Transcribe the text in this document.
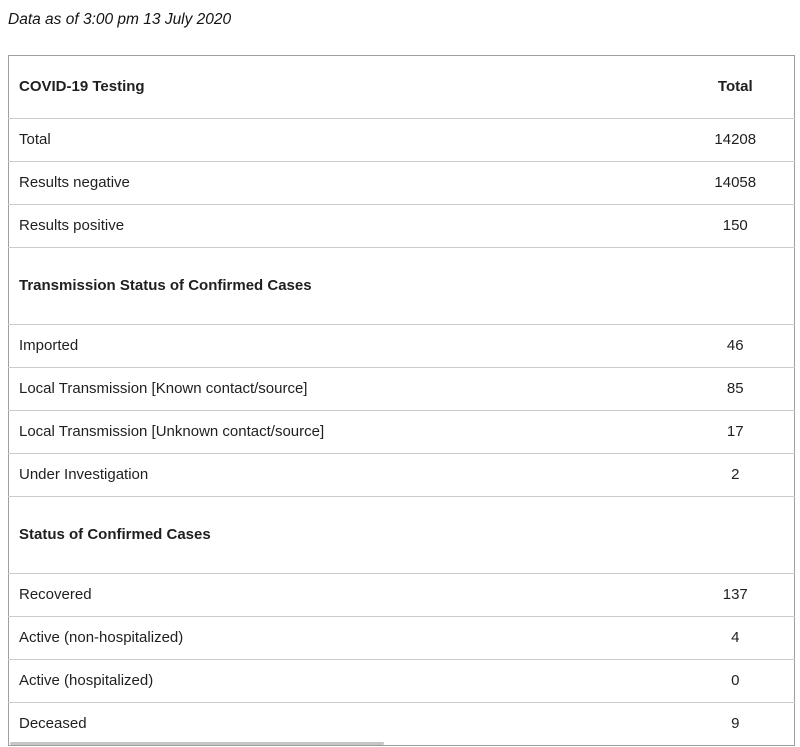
Data as of 3:00 pm 13 July 2020
COVID-19 Testing	Total
Total	14208
Results negative	14058
Results positive	150
Transmission Status of Confirmed Cases	
Imported	46
Local Transmission [Known contact/source]	85
Local Transmission [Unknown contact/source]	17
Under Investigation	2
Status of Confirmed Cases	
Recovered	137
Active (non-hospitalized)	4
Active (hospitalized)	0
Deceased	9
